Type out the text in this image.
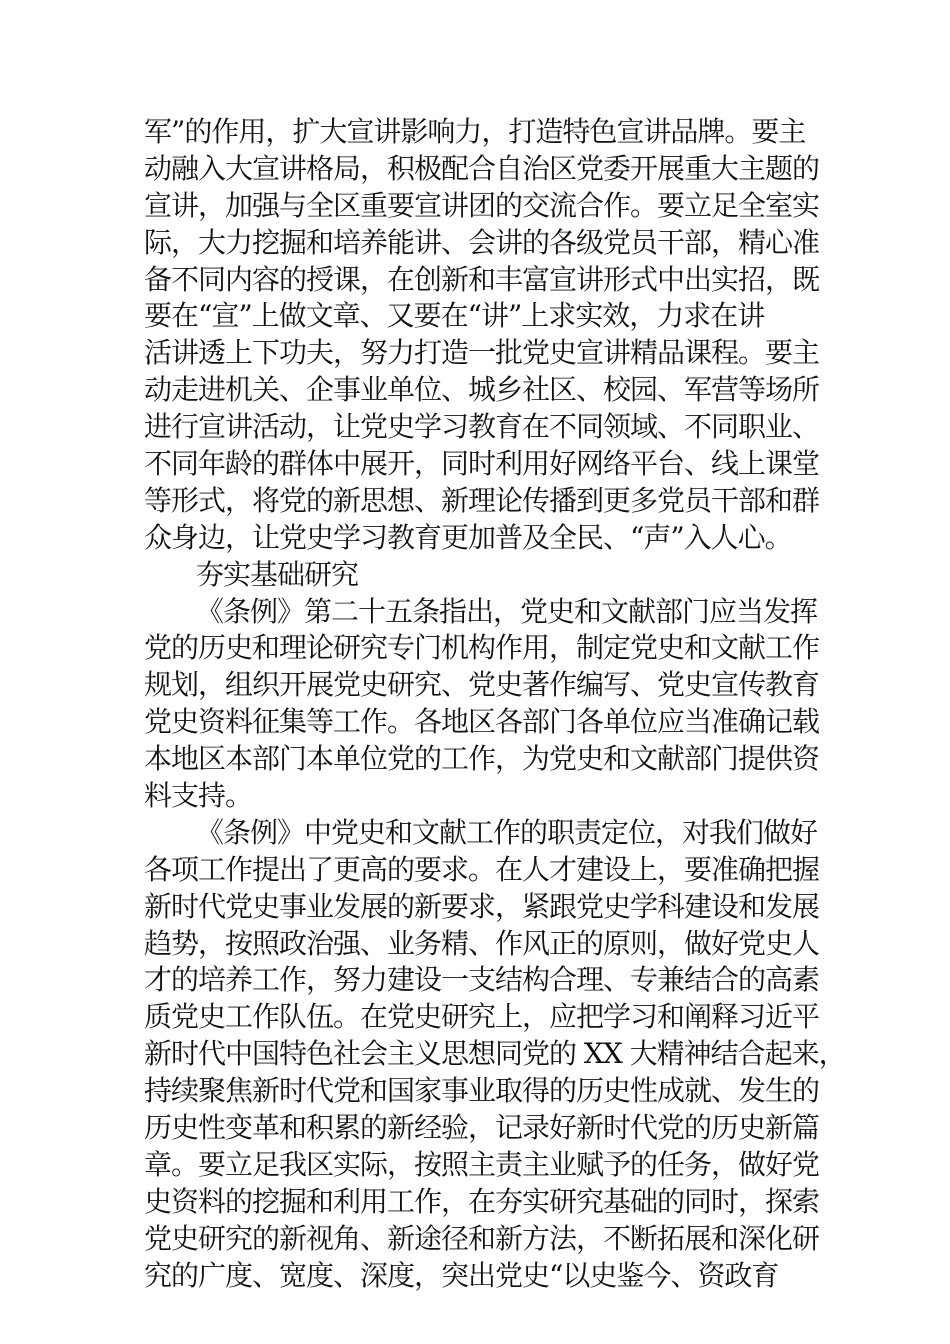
军”的作用，扩大宣讲影响力，打造特色宣讲品牌。要主
动融入大宣讲格局，积极配合自治区党委开展重大主题的
宣讲，加强与全区重要宣讲团的交流合作。要立足全室实
际，大力挖掘和培养能讲、会讲的各级党员干部，精心准
备不同内容的授课，在创新和丰富宣讲形式中出实招，既
要在“宣”上做文章、又要在“讲”上求实效，力求在讲
活讲透上下功夫，努力打造一批党史宣讲精品课程。要主
动走进机关、企事业单位、城乡社区、校园、军营等场所
进行宣讲活动，让党史学习教育在不同领域、不同职业、
不同年龄的群体中展开，同时利用好网络平台、线上课堂
等形式，将党的新思想、新理论传播到更多党员干部和群
众身边，让党史学习教育更加普及全民、“声”入人心。
夯实基础研究
《条例》第二十五条指出，党史和文献部门应当发挥
党的历史和理论研究专门机构作用，制定党史和文献工作
规划，组织开展党史研究、党史著作编写、党史宣传教育
党史资料征集等工作。各地区各部门各单位应当准确记载
本地区本部门本单位党的工作，为党史和文献部门提供资
料支持。
《条例》中党史和文献工作的职责定位，对我们做好
各项工作提出了更高的要求。在人才建设上，要准确把握
新时代党史事业发展的新要求，紧跟党史学科建设和发展
趋势，按照政治强、业务精、作风正的原则，做好党史人
才的培养工作，努力建设一支结构合理、专兼结合的高素
质党史工作队伍。在党史研究上，应把学习和阐释习近平
新时代中国特色社会主义思想同党的 XX 大精神结合起来，
持续聚焦新时代党和国家事业取得的历史性成就、发生的
历史性变革和积累的新经验，记录好新时代党的历史新篇
章。要立足我区实际，按照主责主业赋予的任务，做好党
史资料的挖掘和利用工作，在夯实研究基础的同时，探索
党史研究的新视角、新途径和新方法，不断拓展和深化研
究的广度、宽度、深度，突出党史“以史鉴今、资政育
